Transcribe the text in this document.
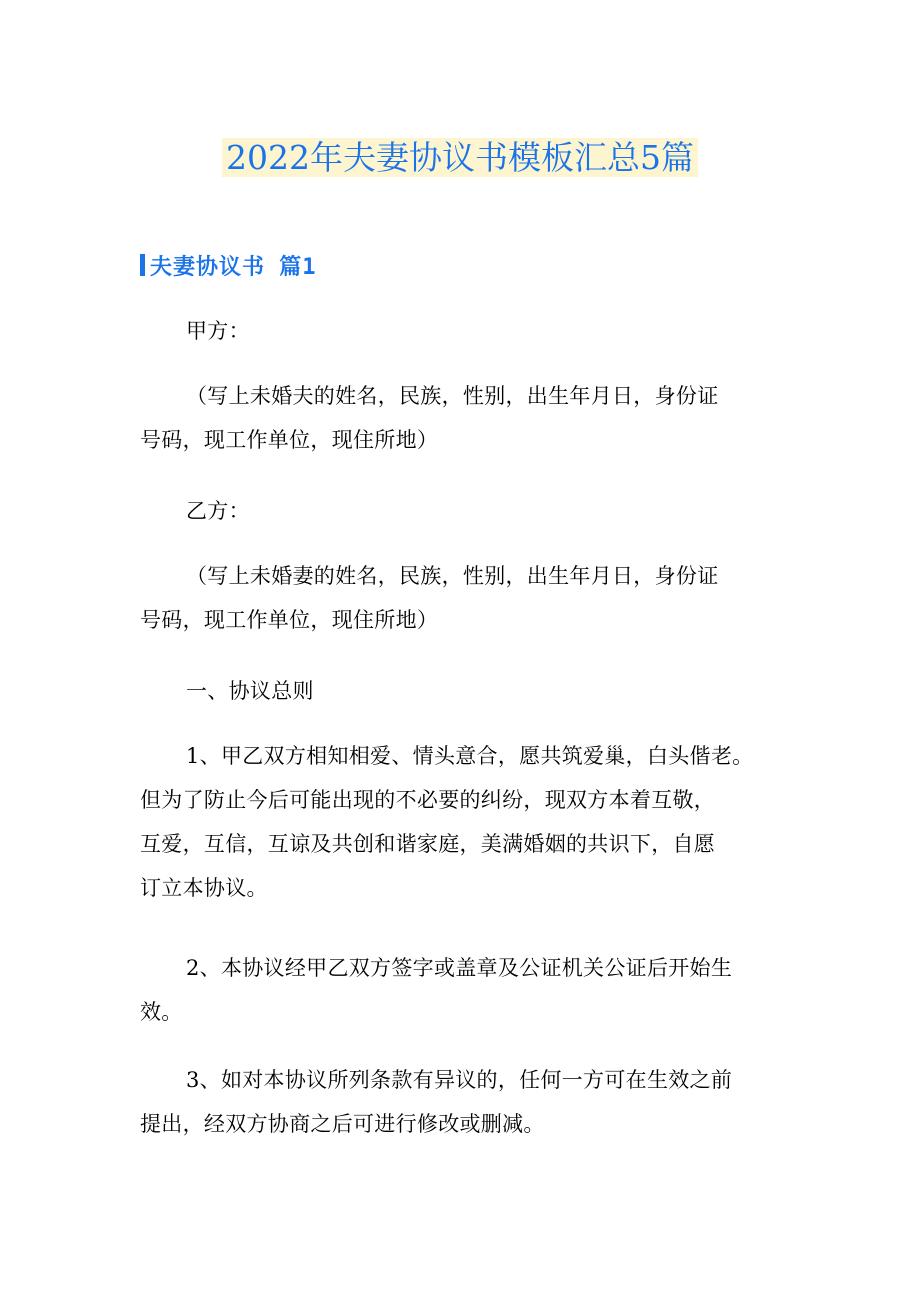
2022年夫妻协议书模板汇总5篇
夫妻协议书 篇1

甲方：

（写上未婚夫的姓名，民族，性别，出生年月日，身份证
号码，现工作单位，现住所地）

乙方：

（写上未婚妻的姓名，民族，性别，出生年月日，身份证
号码，现工作单位，现住所地）

一、协议总则

1、甲乙双方相知相爱、情头意合，愿共筑爱巢，白头偕老。
但为了防止今后可能出现的不必要的纠纷，现双方本着互敬，
互爱，互信，互谅及共创和谐家庭，美满婚姻的共识下，自愿
订立本协议。

2、本协议经甲乙双方签字或盖章及公证机关公证后开始生
效。

3、如对本协议所列条款有异议的，任何一方可在生效之前
提出，经双方协商之后可进行修改或删减。
